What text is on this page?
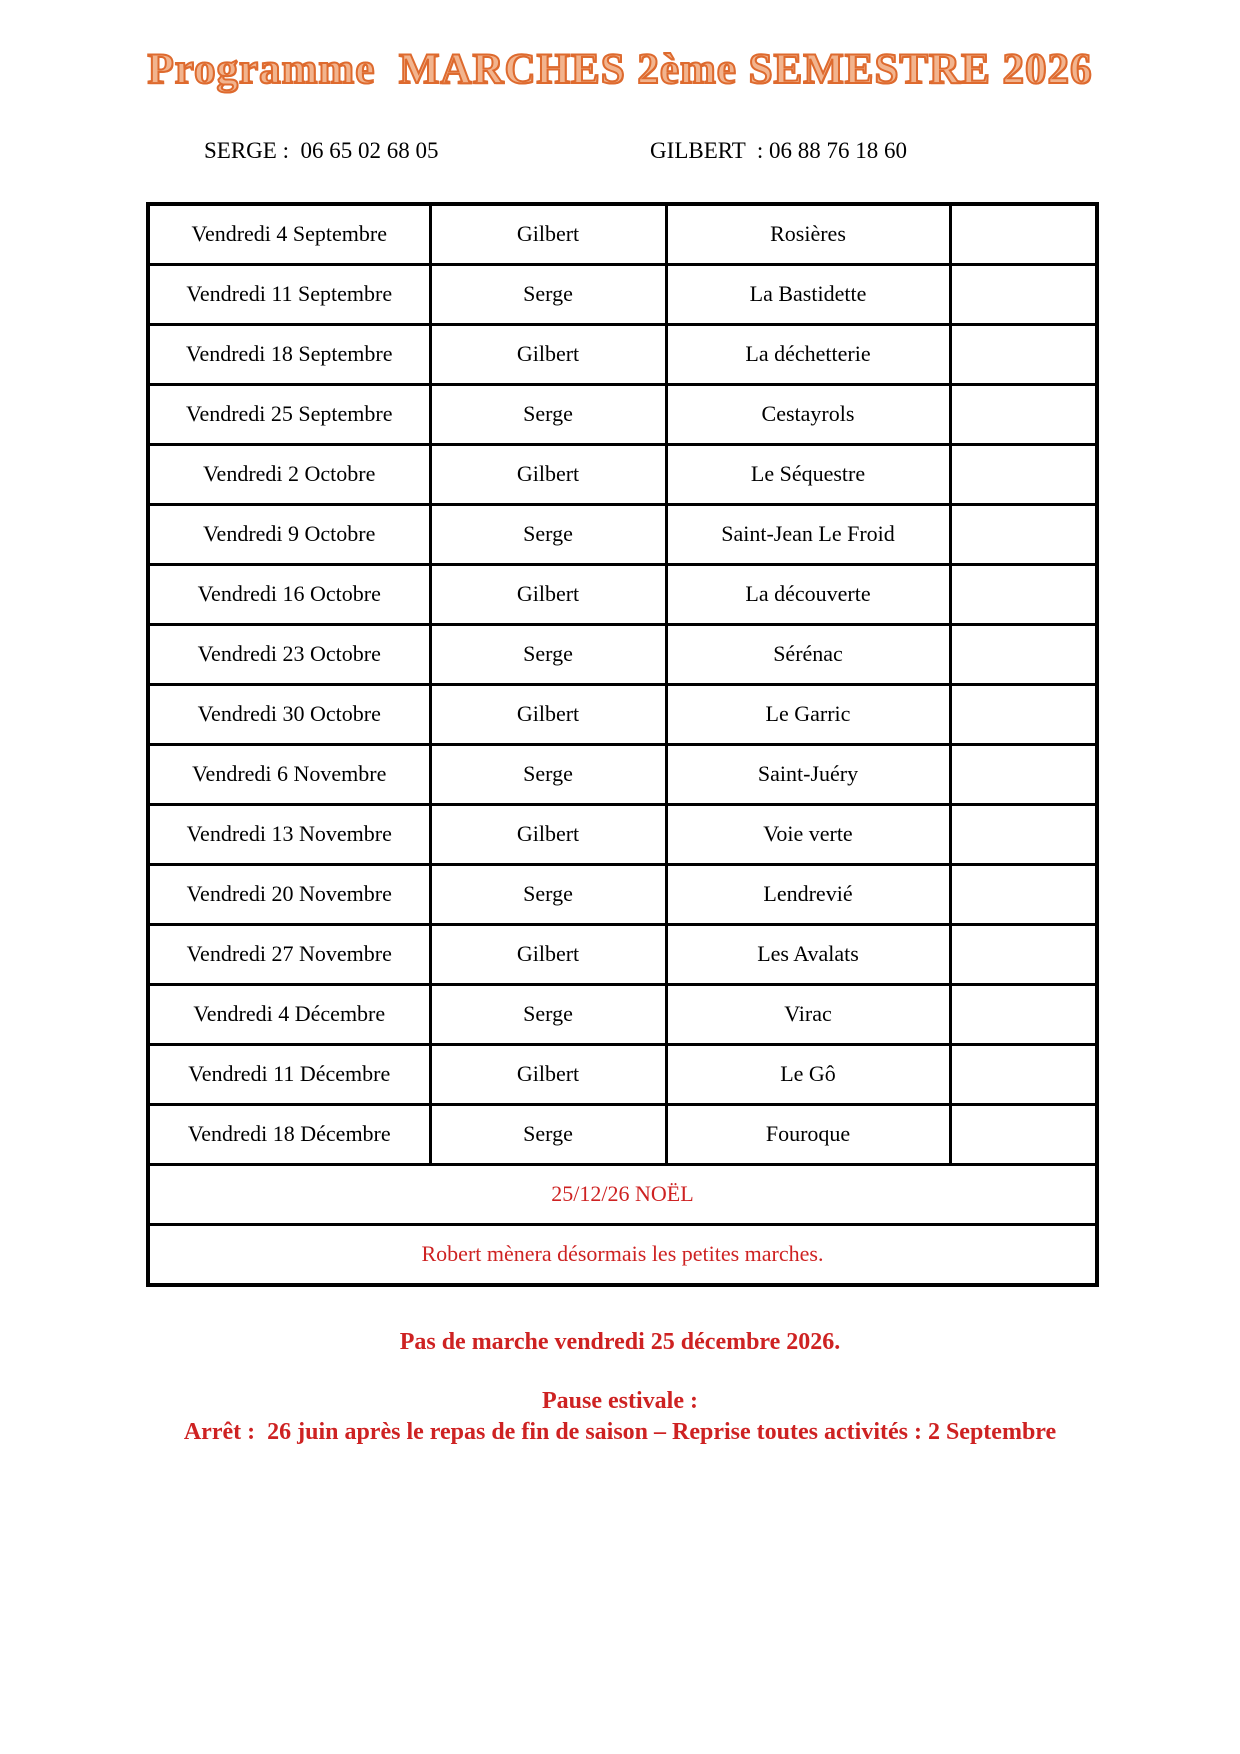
Programme  MARCHES 2ème SEMESTRE 2026
SERGE :  06 65 02 68 05	GILBERT  : 06 88 76 18 60
Vendredi 4 Septembre	Gilbert	Rosières	
Vendredi 11 Septembre	Serge	La Bastidette	
Vendredi 18 Septembre	Gilbert	La déchetterie	
Vendredi 25 Septembre	Serge	Cestayrols	
Vendredi 2 Octobre	Gilbert	Le Séquestre	
Vendredi 9 Octobre	Serge	Saint-Jean Le Froid	
Vendredi 16 Octobre	Gilbert	La découverte	
Vendredi 23 Octobre	Serge	Sérénac	
Vendredi 30 Octobre	Gilbert	Le Garric	
Vendredi 6 Novembre	Serge	Saint-Juéry	
Vendredi 13 Novembre	Gilbert	Voie verte	
Vendredi 20 Novembre	Serge	Lendrevié	
Vendredi 27 Novembre	Gilbert	Les Avalats	
Vendredi 4 Décembre	Serge	Virac	
Vendredi 11 Décembre	Gilbert	Le Gô	
Vendredi 18 Décembre	Serge	Fouroque	
25/12/26 NOËL			
Robert mènera désormais les petites marches.			
Pas de marche vendredi 25 décembre 2026.
Pause estivale :
Arrêt :  26 juin après le repas de fin de saison – Reprise toutes activités : 2 Septembre
